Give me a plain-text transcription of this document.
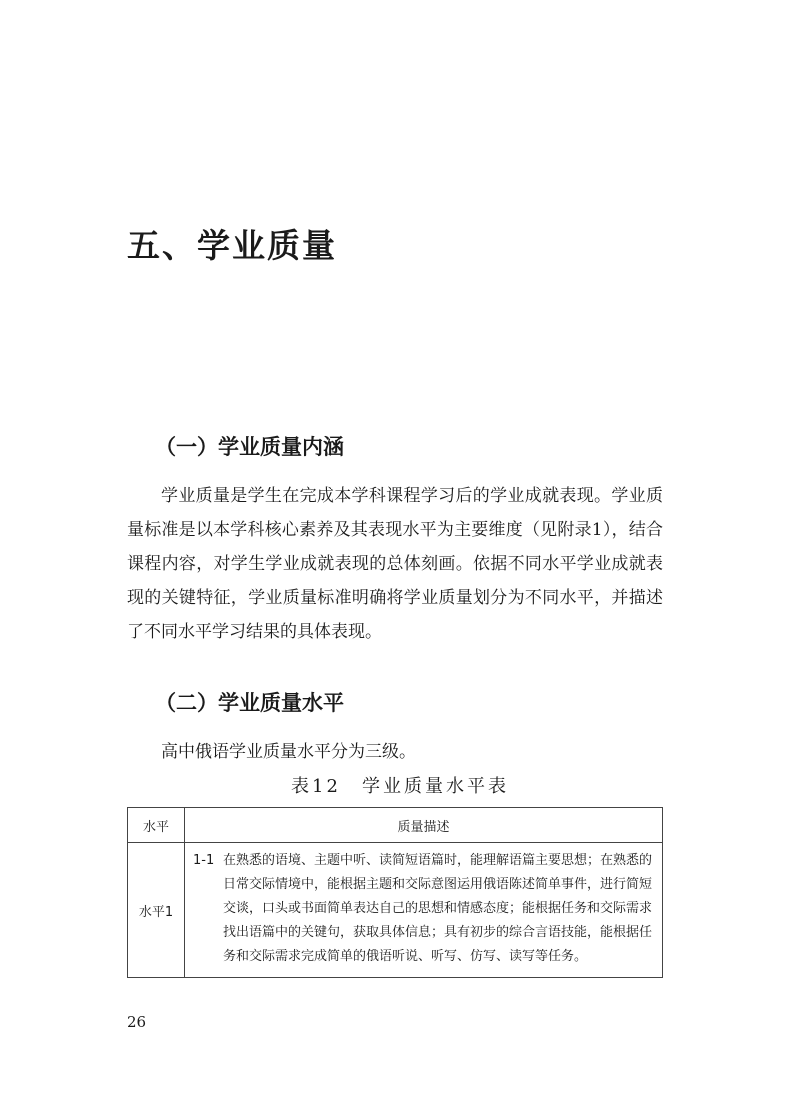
五、学业质量
（一）学业质量内涵

学业质量是学生在完成本学科课程学习后的学业成就表现。学业质量标准是以本学科核心素养及其表现水平为主要维度（见附录1），结合课程内容，对学生学业成就表现的总体刻画。依据不同水平学业成就表现的关键特征，学业质量标准明确将学业质量划分为不同水平，并描述了不同水平学习结果的具体表现。

（二）学业质量水平

高中俄语学业质量水平分为三级。

表12　学业质量水平表

水平	质量描述
水平1	1-1 在熟悉的语境、主题中听、读简短语篇时，能理解语篇主要思想；在熟悉的日常交际情境中，能根据主题和交际意图运用俄语陈述简单事件，进行简短交谈，口头或书面简单表达自己的思想和情感态度；能根据任务和交际需求找出语篇中的关键句，获取具体信息；具有初步的综合言语技能，能根据任务和交际需求完成简单的俄语听说、听写、仿写、读写等任务。

26
